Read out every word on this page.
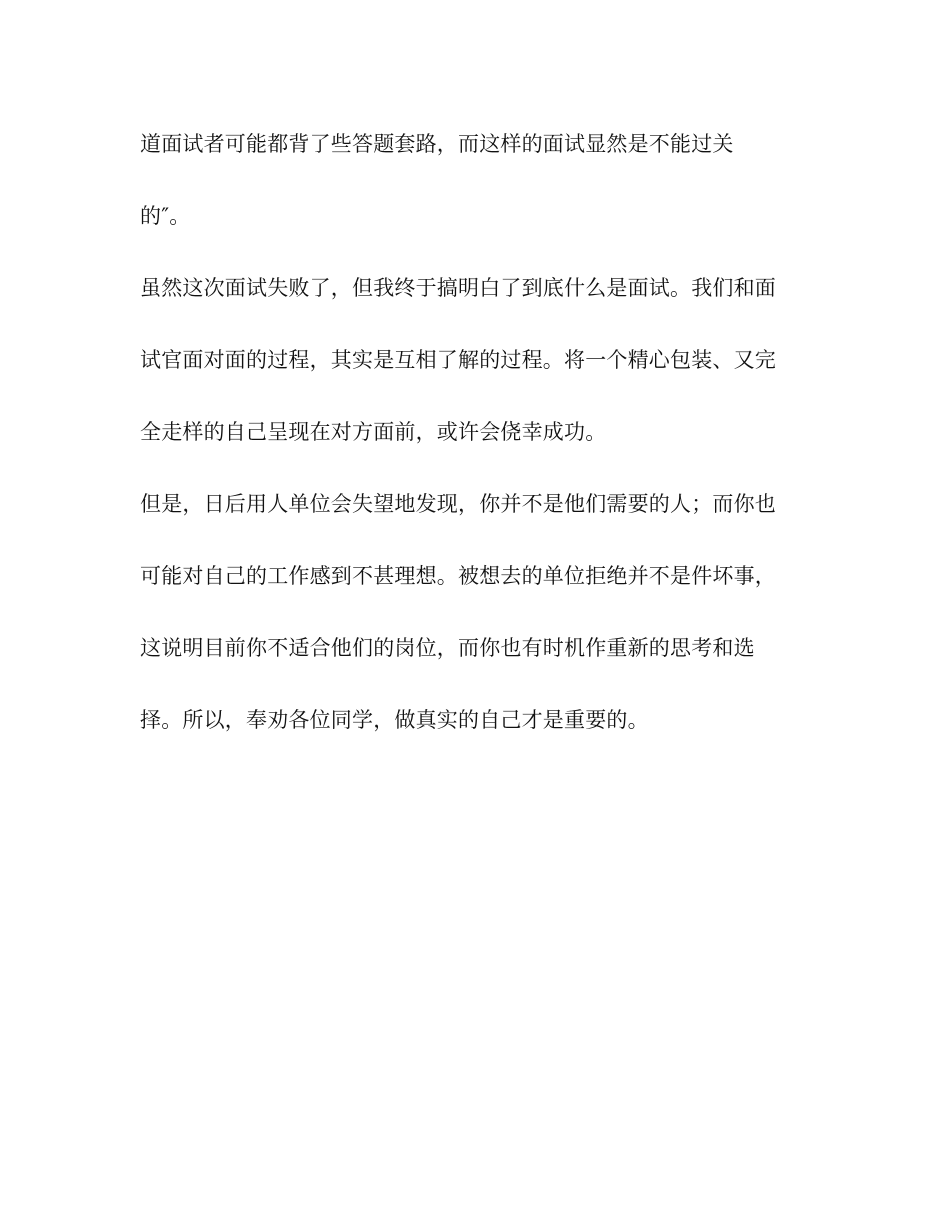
道面试者可能都背了些答题套路，而这样的面试显然是不能过关
的″。
虽然这次面试失败了，但我终于搞明白了到底什么是面试。我们和面
试官面对面的过程，其实是互相了解的过程。将一个精心包装、又完
全走样的自己呈现在对方面前，或许会侥幸成功。
但是，日后用人单位会失望地发现，你并不是他们需要的人；而你也
可能对自己的工作感到不甚理想。被想去的单位拒绝并不是件坏事，
这说明目前你不适合他们的岗位，而你也有时机作重新的思考和选
择。所以，奉劝各位同学，做真实的自己才是重要的。
